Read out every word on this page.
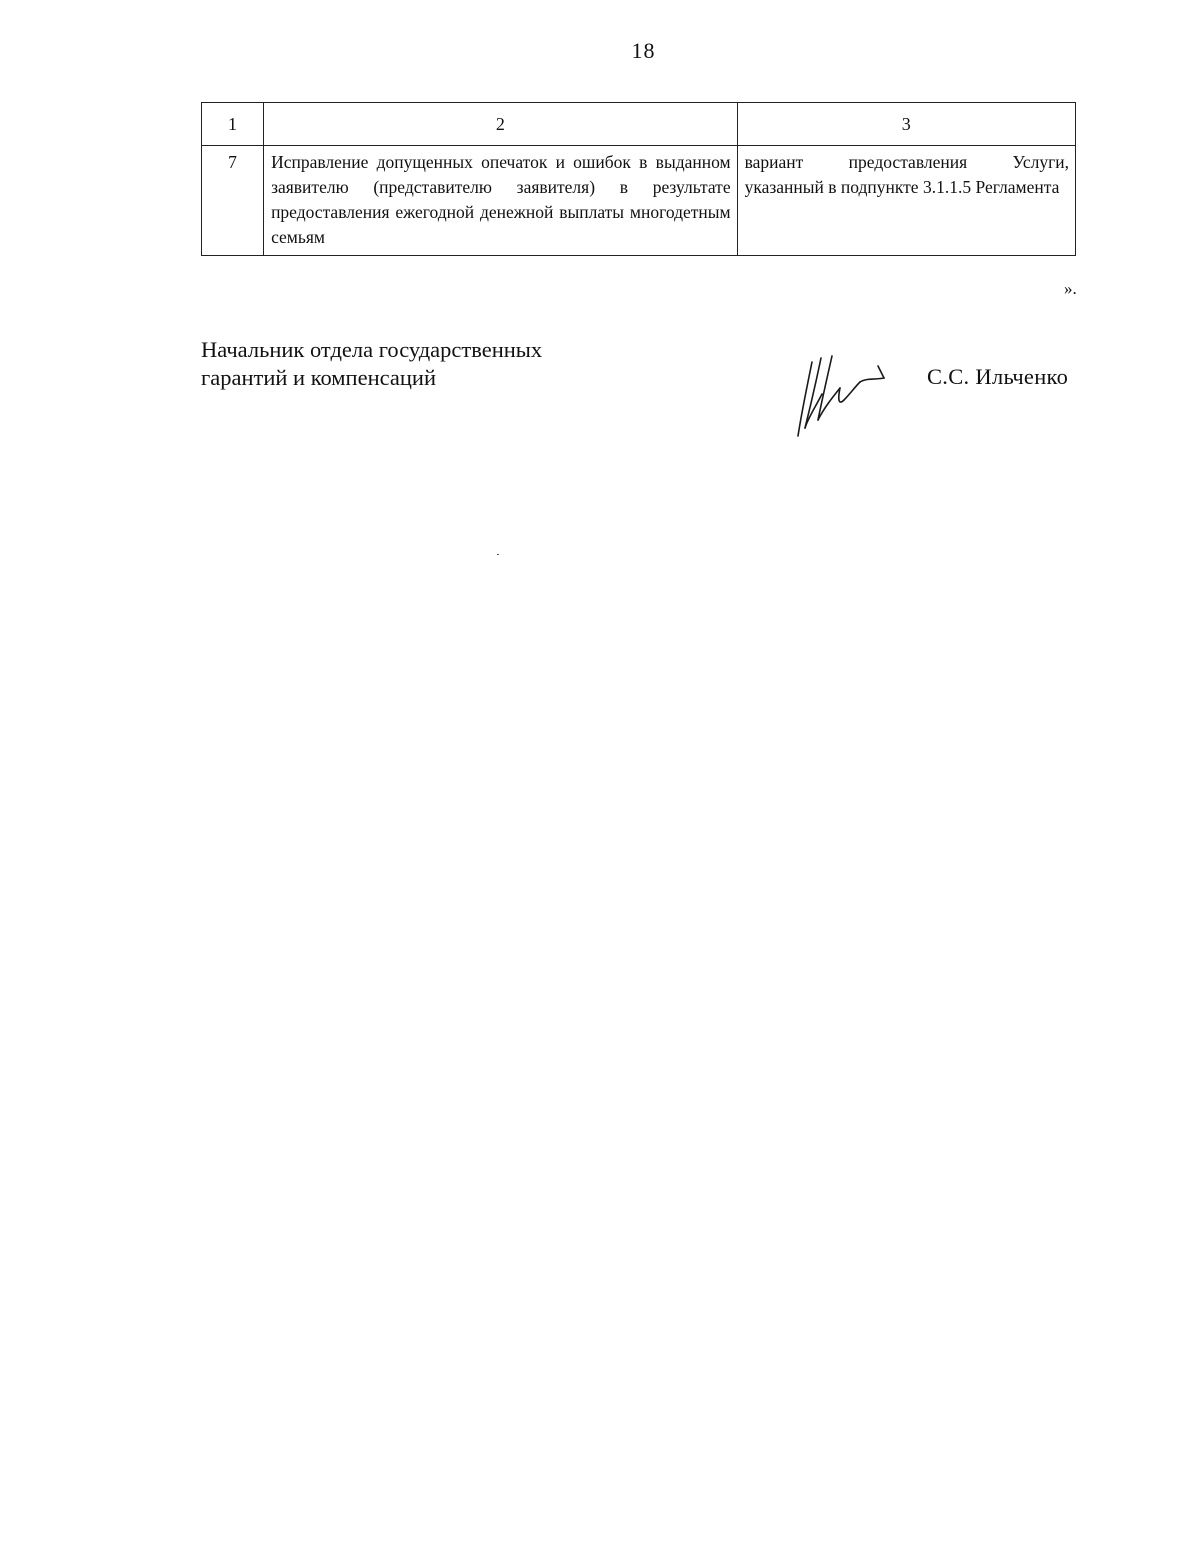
18
1	2	3
7	Исправление допущенных опечаток и ошибок в выданном заявителю (представителю заявителя) в результате предоставления ежегодной денежной выплаты многодетным семьям	вариант предоставления Услуги, указанный в подпункте 3.1.1.5 Регламента
».
Начальник отдела государственных гарантий и компенсаций	С.С. Ильченко
